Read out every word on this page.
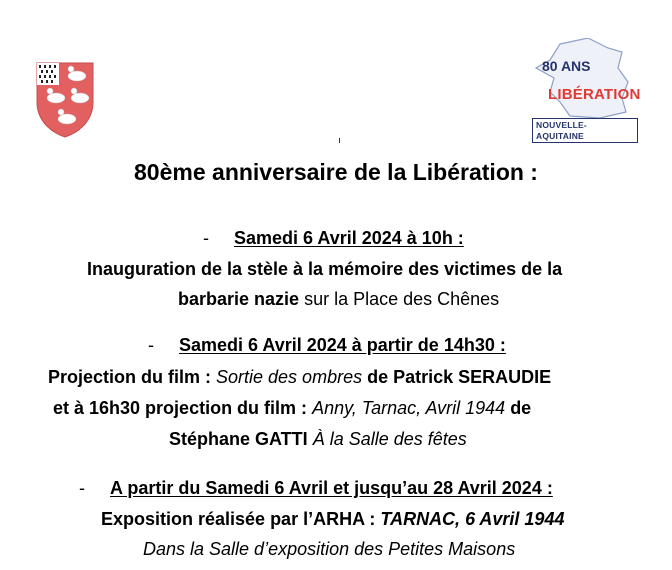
80 ANS
LIBÉRATION
NOUVELLE-AQUITAINE
80ème anniversaire de la Libération :
- Samedi 6 Avril 2024 à 10h :
Inauguration de la stèle à la mémoire des victimes de la
barbarie nazie sur la Place des Chênes
- Samedi 6 Avril 2024 à partir de 14h30 :
Projection du film : Sortie des ombres de Patrick SERAUDIE
et à 16h30 projection du film : Anny, Tarnac, Avril 1944 de
Stéphane GATTI À la Salle des fêtes
- A partir du Samedi 6 Avril et jusqu’au 28 Avril 2024 :
Exposition réalisée par l’ARHA : TARNAC, 6 Avril 1944
Dans la Salle d’exposition des Petites Maisons
